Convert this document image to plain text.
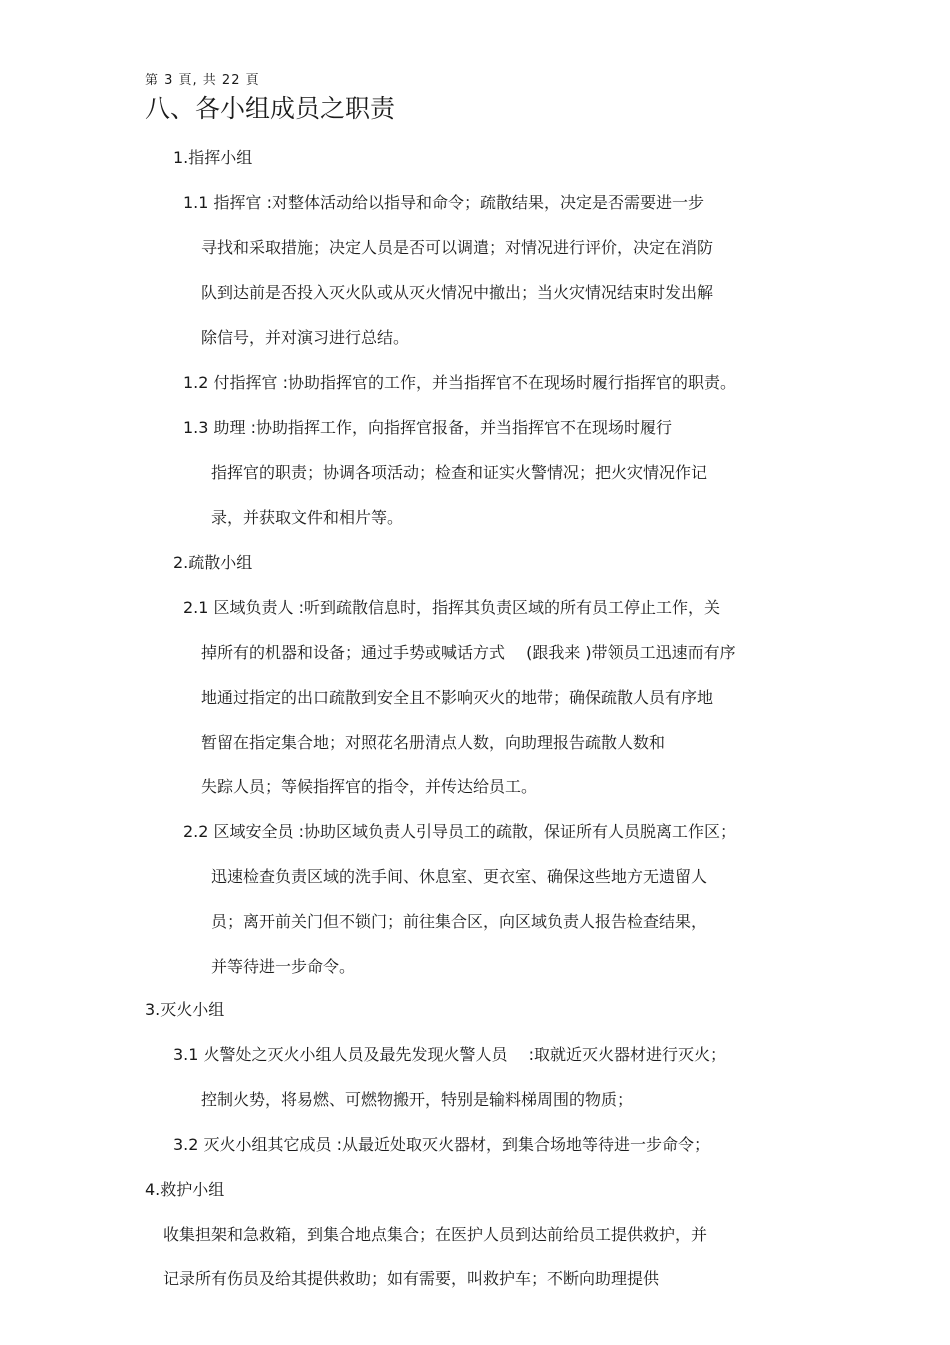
第 3 頁, 共 22 頁
八、各小组成员之职责
1.指挥小组
1.1 指挥官 :对整体活动给以指导和命令；疏散结果，决定是否需要进一步
寻找和采取措施；决定人员是否可以调遣；对情况进行评价，决定在消防
队到达前是否投入灭火队或从灭火情况中撤出；当火灾情况结束时发出解
除信号，并对演习进行总结。
1.2 付指挥官 :协助指挥官的工作，并当指挥官不在现场时履行指挥官的职责。
1.3 助理 :协助指挥工作，向指挥官报备，并当指挥官不在现场时履行
指挥官的职责；协调各项活动；检查和证实火警情况；把火灾情况作记
录，并获取文件和相片等。
2.疏散小组
2.1 区域负责人 :听到疏散信息时，指挥其负责区域的所有员工停止工作，关
掉所有的机器和设备；通过手势或喊话方式　 (跟我来 )带领员工迅速而有序
地通过指定的出口疏散到安全且不影响灭火的地带；确保疏散人员有序地
暂留在指定集合地；对照花名册清点人数，向助理报告疏散人数和
失踪人员；等候指挥官的指令，并传达给员工。
2.2 区域安全员 :协助区域负责人引导员工的疏散，保证所有人员脱离工作区；
迅速检查负责区域的洗手间、休息室、更衣室、确保这些地方无遗留人
员；离开前关门但不锁门；前往集合区，向区域负责人报告检查结果，
并等待进一步命令。
3.灭火小组
3.1 火警处之灭火小组人员及最先发现火警人员　 :取就近灭火器材进行灭火；
控制火势，将易燃、可燃物搬开，特别是输料梯周围的物质；
3.2 灭火小组其它成员 :从最近处取灭火器材，到集合场地等待进一步命令；
4.救护小组
收集担架和急救箱，到集合地点集合；在医护人员到达前给员工提供救护，并
记录所有伤员及给其提供救助；如有需要，叫救护车；不断向助理提供
